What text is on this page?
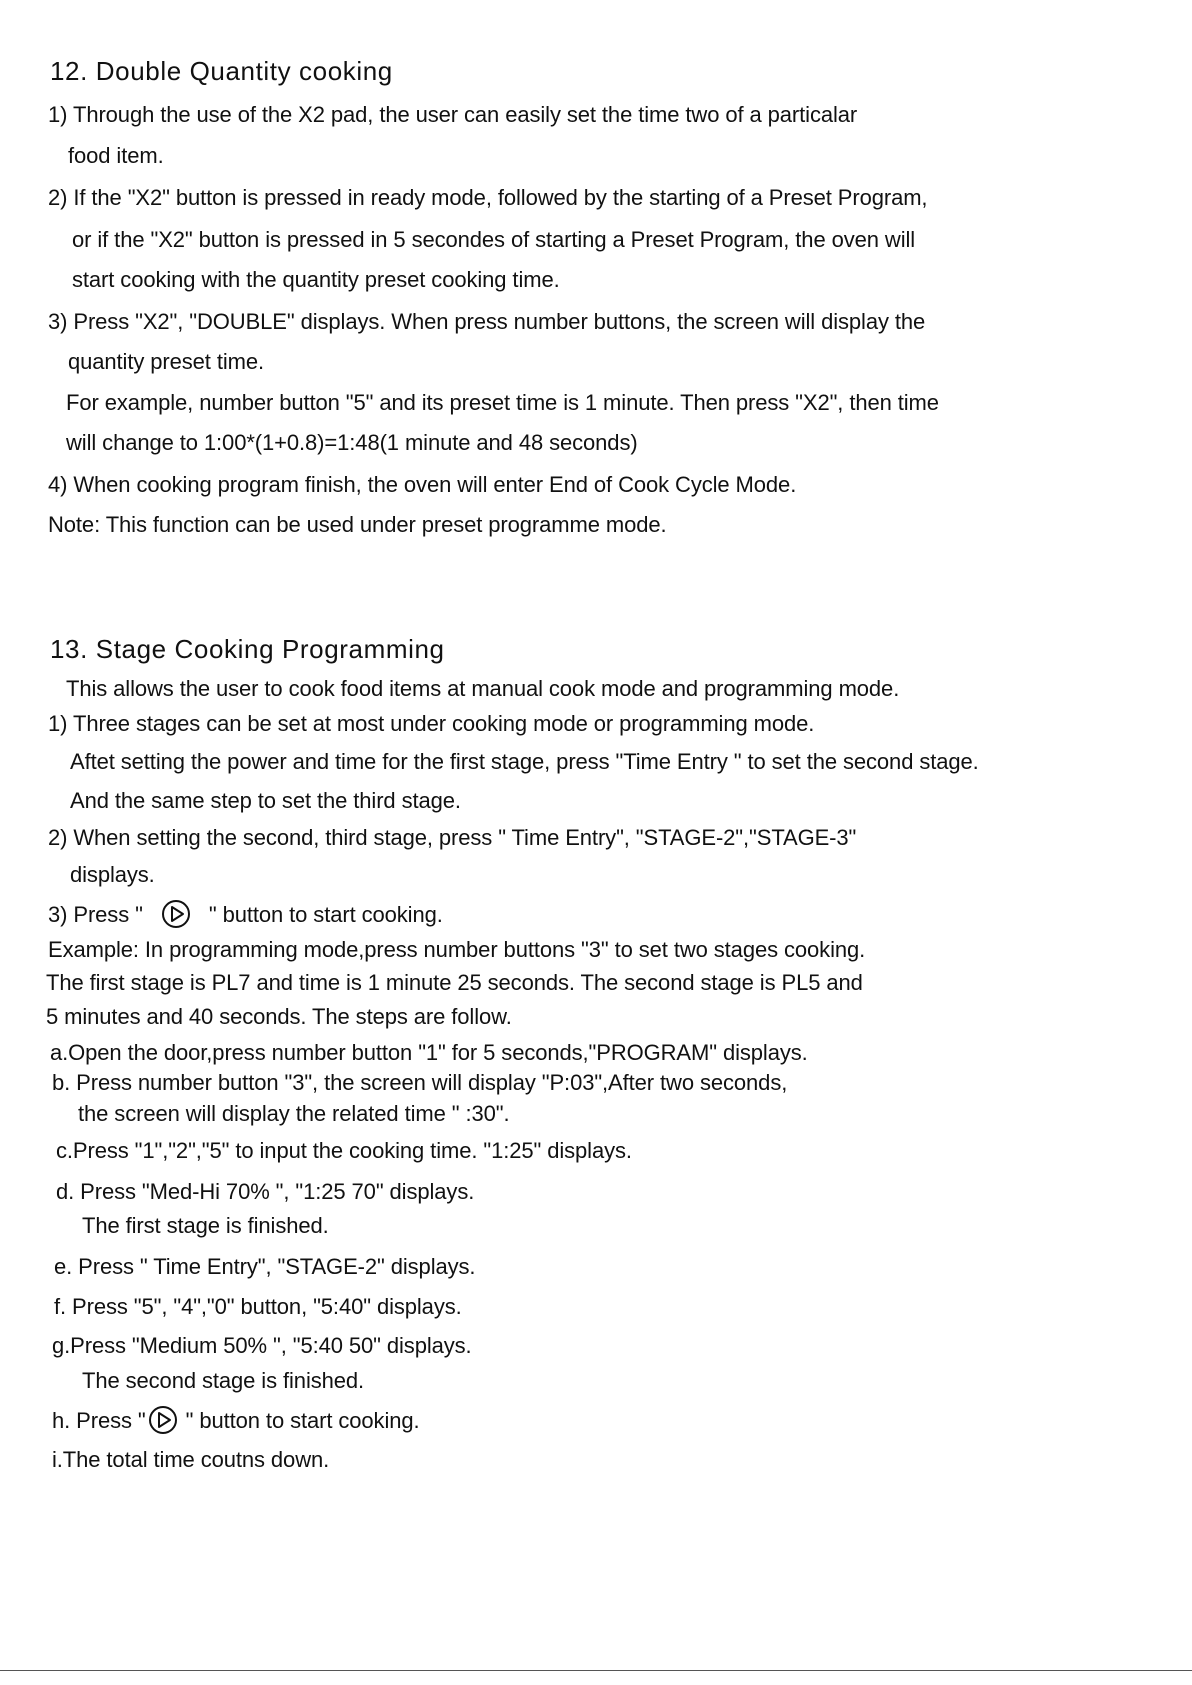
12. Double Quantity cooking
1) Through the use of the X2 pad, the user can easily set the time two of a particalar
food item.
2) If the "X2" button is pressed in ready mode, followed by the starting of a Preset Program,
or if the "X2" button is pressed in 5 secondes of starting a Preset Program, the oven will
start cooking with the quantity preset cooking time.
3) Press "X2", "DOUBLE" displays. When press number buttons, the screen will display the
quantity preset time.
For example, number button "5" and its preset time is 1 minute. Then press "X2", then time
will change to 1:00*(1+0.8)=1:48(1 minute and 48 seconds)
4) When cooking program finish, the oven will enter End of Cook Cycle Mode.
Note: This function can be used under preset programme mode.
13. Stage Cooking Programming
This allows the user to cook food items at manual cook mode and programming mode.
1) Three stages can be set at most under cooking mode or programming mode.
Aftet setting the power and time for the first stage, press "Time Entry " to set the second stage.
And the same step to set the third stage.
2) When setting the second, third stage, press " Time Entry", "STAGE-2","STAGE-3"
displays.
3) Press "	" button to start cooking.
Example: In programming mode,press number buttons "3" to set two stages cooking.
The first stage is PL7 and time is 1 minute 25 seconds. The second stage is PL5 and
5 minutes and 40 seconds. The steps are follow.
a.Open the door,press number button "1" for 5 seconds,"PROGRAM" displays.
b. Press number button "3", the screen will display "P:03",After two seconds,
the screen will display the related time " :30".
c.Press "1","2","5" to input the cooking time. "1:25" displays.
d. Press "Med-Hi 70% ", "1:25 70" displays.
The first stage is finished.
e. Press " Time Entry", "STAGE-2" displays.
f. Press "5", "4","0" button, "5:40" displays.
g.Press "Medium 50% ", "5:40 50" displays.
The second stage is finished.
h. Press " " button to start cooking.
i.The total time coutns down.
